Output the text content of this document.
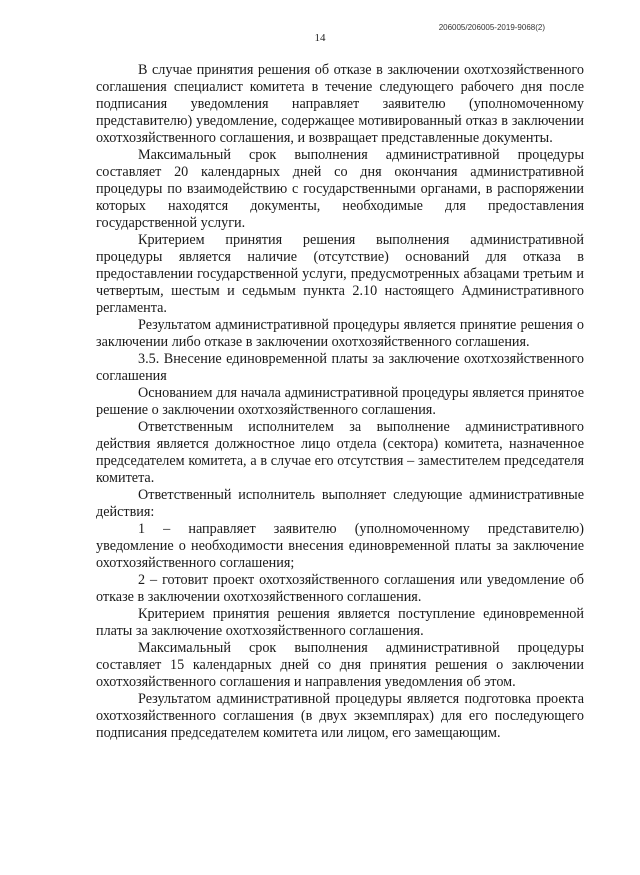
206005/206005-2019-9068(2)
14

В случае принятия решения об отказе в заключении охотхозяйственного соглашения специалист комитета в течение следующего рабочего дня после подписания уведомления направляет заявителю (уполномоченному представителю) уведомление, содержащее мотивированный отказ в заключении охотхозяйственного соглашения, и возвращает представленные документы.

Максимальный срок выполнения административной процедуры составляет 20 календарных дней со дня окончания административной процедуры по взаимодействию с государственными органами, в распоряжении которых находятся документы, необходимые для предоставления государственной услуги.

Критерием принятия решения выполнения административной процедуры является наличие (отсутствие) оснований для отказа в предоставлении государственной услуги, предусмотренных абзацами третьим и четвертым, шестым и седьмым пункта 2.10 настоящего Административного регламента.

Результатом административной процедуры является принятие решения о заключении либо отказе в заключении охотхозяйственного соглашения.

3.5. Внесение единовременной платы за заключение охотхозяйственного соглашения

Основанием для начала административной процедуры является принятое решение о заключении охотхозяйственного соглашения.

Ответственным исполнителем за выполнение административного действия является должностное лицо отдела (сектора) комитета, назначенное председателем комитета, а в случае его отсутствия – заместителем председателя комитета.

Ответственный исполнитель выполняет следующие административные действия:

1 – направляет заявителю (уполномоченному представителю) уведомление о необходимости внесения единовременной платы за заключение охотхозяйственного соглашения;

2 – готовит проект охотхозяйственного соглашения или уведомление об отказе в заключении охотхозяйственного соглашения.

Критерием принятия решения является поступление единовременной платы за заключение охотхозяйственного соглашения.

Максимальный срок выполнения административной процедуры составляет 15 календарных дней со дня принятия решения о заключении охотхозяйственного соглашения и направления уведомления об этом.

Результатом административной процедуры является подготовка проекта охотхозяйственного соглашения (в двух экземплярах) для его последующего подписания председателем комитета или лицом, его замещающим.
